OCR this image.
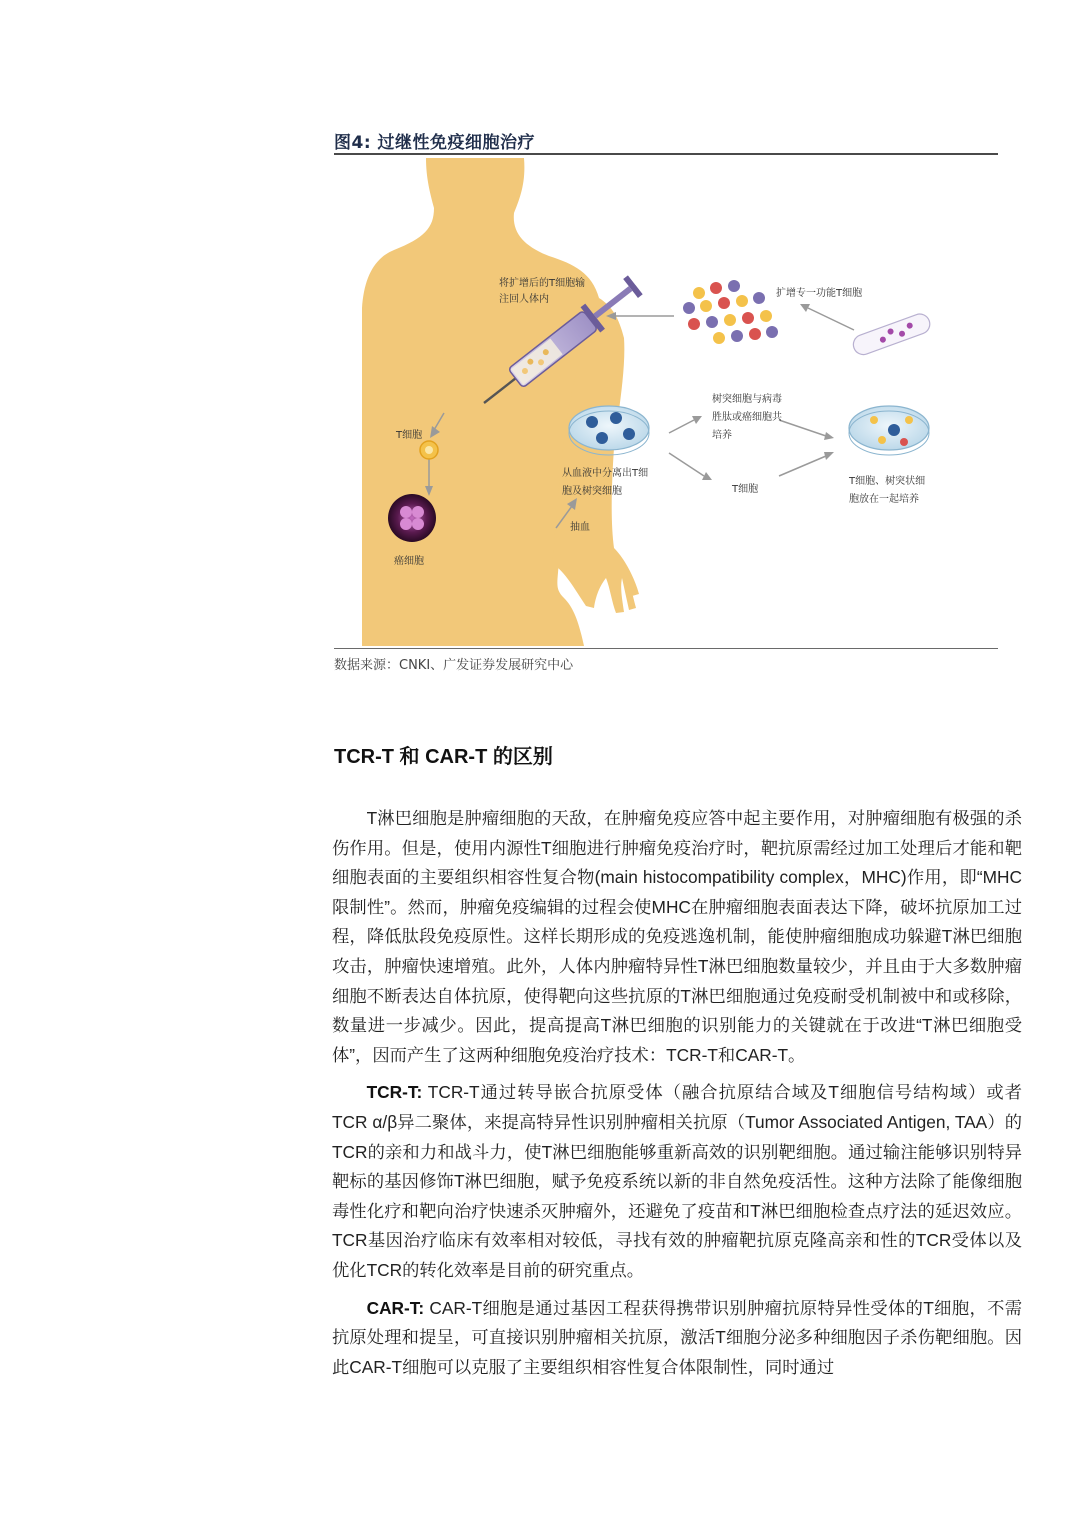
图4: 过继性免疫细胞治疗
将扩增后的T细胞输
注回人体内
扩增专一功能T细胞
T细胞
癌细胞
树突细胞与病毒
胜肽或癌细胞共
培养
从血液中分离出T细
胞及树突细胞	T细胞
T细胞、树突状细
胞放在一起培养
抽血
数据来源：CNKI、广发证券发展研究中心
TCR-T 和 CAR-T 的区别

T淋巴细胞是肿瘤细胞的天敌，在肿瘤免疫应答中起主要作用，对肿瘤细胞有极强的杀伤作用。但是，使用内源性T细胞进行肿瘤免疫治疗时，靶抗原需经过加工处理后才能和靶细胞表面的主要组织相容性复合物(main histocompatibility complex，MHC)作用，即“MHC限制性”。然而，肿瘤免疫编辑的过程会使MHC在肿瘤细胞表面表达下降，破坏抗原加工过程，降低肽段免疫原性。这样长期形成的免疫逃逸机制，能使肿瘤细胞成功躲避T淋巴细胞攻击，肿瘤快速增殖。此外，人体内肿瘤特异性T淋巴细胞数量较少，并且由于大多数肿瘤细胞不断表达自体抗原，使得靶向这些抗原的T淋巴细胞通过免疫耐受机制被中和或移除，数量进一步减少。因此，提高提高T淋巴细胞的识别能力的关键就在于改进“T淋巴细胞受体”，因而产生了这两种细胞免疫治疗技术：TCR-T和CAR-T。

TCR-T: TCR-T通过转导嵌合抗原受体（融合抗原结合域及T细胞信号结构域）或者TCR α/β异二聚体，来提高特异性识别肿瘤相关抗原（Tumor Associated Antigen, TAA）的TCR的亲和力和战斗力，使T淋巴细胞能够重新高效的识别靶细胞。通过输注能够识别特异靶标的基因修饰T淋巴细胞，赋予免疫系统以新的非自然免疫活性。这种方法除了能像细胞毒性化疗和靶向治疗快速杀灭肿瘤外，还避免了疫苗和T淋巴细胞检查点疗法的延迟效应。TCR基因治疗临床有效率相对较低，寻找有效的肿瘤靶抗原克隆高亲和性的TCR受体以及优化TCR的转化效率是目前的研究重点。

CAR-T: CAR-T细胞是通过基因工程获得携带识别肿瘤抗原特异性受体的T细胞，不需抗原处理和提呈，可直接识别肿瘤相关抗原，激活T细胞分泌多种细胞因子杀伤靶细胞。因此CAR-T细胞可以克服了主要组织相容性复合体限制性，同时通过
